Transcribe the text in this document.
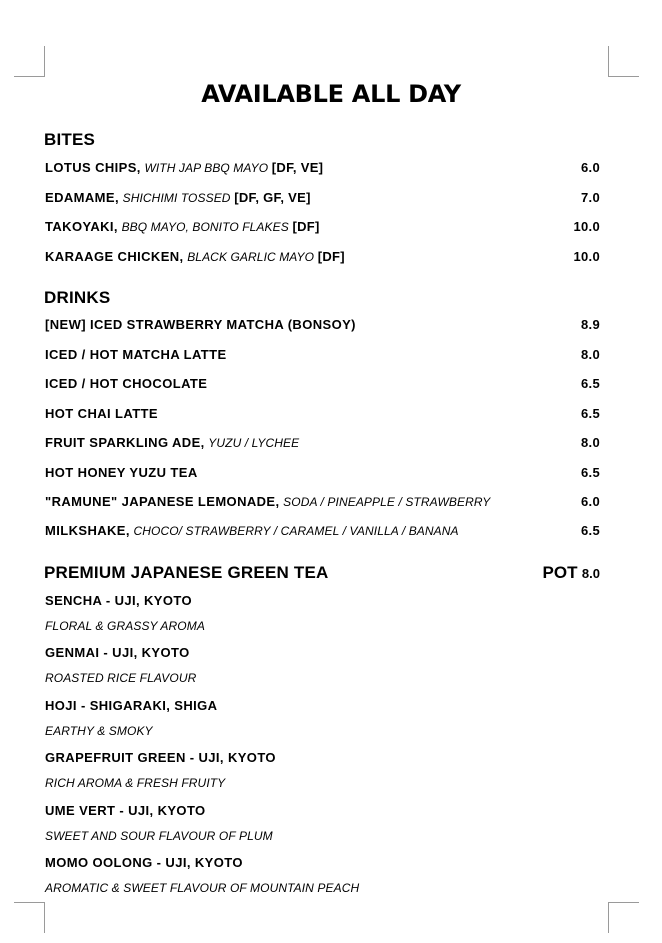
AVAILABLE ALL DAY
BITES
LOTUS CHIPS, WITH JAP BBQ MAYO [DF, VE]	6.0
EDAMAME, SHICHIMI TOSSED [DF, GF, VE]	7.0
TAKOYAKI, BBQ MAYO, BONITO FLAKES [DF]	10.0
KARAAGE CHICKEN, BLACK GARLIC MAYO [DF]	10.0
DRINKS
[NEW] ICED STRAWBERRY MATCHA (BONSOY)	8.9
ICED / HOT MATCHA LATTE	8.0
ICED / HOT CHOCOLATE	6.5
HOT CHAI LATTE	6.5
FRUIT SPARKLING ADE, YUZU / LYCHEE	8.0
HOT HONEY YUZU TEA	6.5
"RAMUNE" JAPANESE LEMONADE, SODA / PINEAPPLE / STRAWBERRY	6.0
MILKSHAKE, CHOCO/ STRAWBERRY / CARAMEL / VANILLA / BANANA	6.5
PREMIUM JAPANESE GREEN TEA	POT 8.0
SENCHA - UJI, KYOTO
FLORAL & GRASSY AROMA
GENMAI - UJI, KYOTO
ROASTED RICE FLAVOUR
HOJI - SHIGARAKI, SHIGA
EARTHY & SMOKY
GRAPEFRUIT GREEN - UJI, KYOTO
RICH AROMA & FRESH FRUITY
UME VERT - UJI, KYOTO
SWEET AND SOUR FLAVOUR OF PLUM
MOMO OOLONG - UJI, KYOTO
AROMATIC & SWEET FLAVOUR OF MOUNTAIN PEACH
